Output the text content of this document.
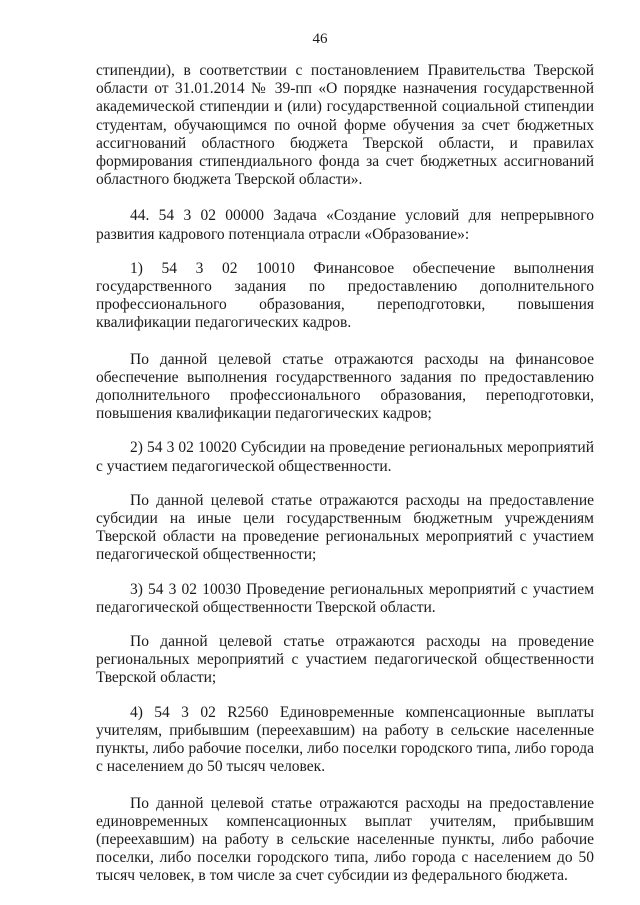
46

стипендии), в соответствии с постановлением Правительства Тверской области от 31.01.2014 № 39-пп «О порядке назначения государственной академической стипендии и (или) государственной социальной стипендии студентам, обучающимся по очной форме обучения за счет бюджетных ассигнований областного бюджета Тверской области, и правилах формирования стипендиального фонда за счет бюджетных ассигнований областного бюджета Тверской области».

44. 54 3 02 00000 Задача «Создание условий для непрерывного развития кадрового потенциала отрасли «Образование»:

1) 54 3 02 10010 Финансовое обеспечение выполнения государственного задания по предоставлению дополнительного профессионального образования, переподготовки, повышения квалификации педагогических кадров.

По данной целевой статье отражаются расходы на финансовое обеспечение выполнения государственного задания по предоставлению дополнительного профессионального образования, переподготовки, повышения квалификации педагогических кадров;

2) 54 3 02 10020 Субсидии на проведение региональных мероприятий с участием педагогической общественности.

По данной целевой статье отражаются расходы на предоставление субсидии на иные цели государственным бюджетным учреждениям Тверской области на проведение региональных мероприятий с участием педагогической общественности;

3) 54 3 02 10030 Проведение региональных мероприятий с участием педагогической общественности Тверской области.

По данной целевой статье отражаются расходы на проведение региональных мероприятий с участием педагогической общественности Тверской области;

4) 54 3 02 R2560 Единовременные компенсационные выплаты учителям, прибывшим (переехавшим) на работу в сельские населенные пункты, либо рабочие поселки, либо поселки городского типа, либо города с населением до 50 тысяч человек.

По данной целевой статье отражаются расходы на предоставление единовременных компенсационных выплат учителям, прибывшим (переехавшим) на работу в сельские населенные пункты, либо рабочие поселки, либо поселки городского типа, либо города с населением до 50 тысяч человек, в том числе за счет субсидии из федерального бюджета.
